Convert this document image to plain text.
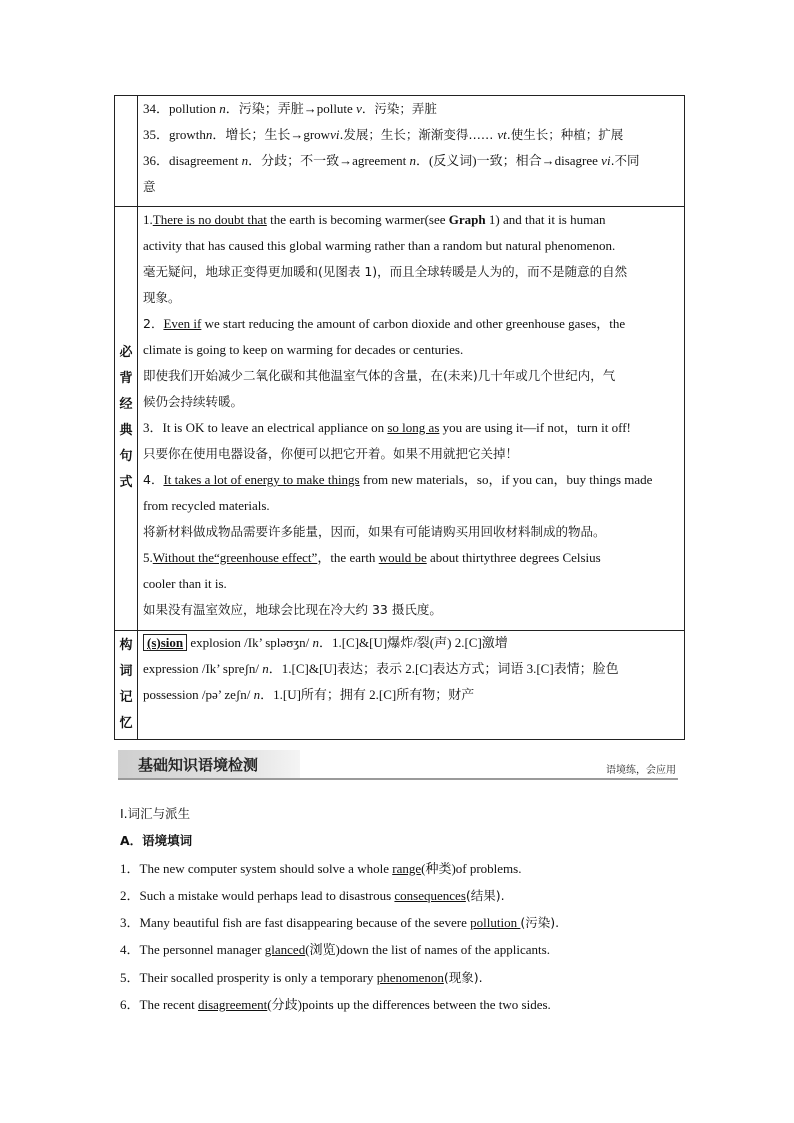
34．pollution n．污染；弄脏→pollute v．污染；弄脏
35．growthn．增长；生长→growvi.发展；生长；渐渐变得…… vt.使生长；种植；扩展
36．disagreement n．分歧；不一致→agreement n．(反义词)一致；相合→disagree vi.不同
意
必
背
经
典
句
式
1.There is no doubt that the earth is becoming warmer(see Graph 1) and that it is human
activity that has caused this global warming rather than a random but natural phenomenon.
毫无疑问，地球正变得更加暖和(见图表 1)，而且全球转暖是人为的，而不是随意的自然
现象。
2．Even if we start reducing the amount of carbon dioxide and other greenhouse gases，the
climate is going to keep on warming for decades or centuries.
即使我们开始减少二氧化碳和其他温室气体的含量，在(未来)几十年或几个世纪内，气
候仍会持续转暖。
3．It is OK to leave an electrical appliance on so long as you are using it—if not，turn it off!
只要你在使用电器设备，你便可以把它开着。如果不用就把它关掉！
4．It takes a lot of energy to make things from new materials，so，if you can，buy things made
from recycled materials.
将新材料做成物品需要许多能量，因而，如果有可能请购买用回收材料制成的物品。
5.Without the“greenhouse effect”，the earth would be about thirtythree degrees Celsius
cooler than it is.
如果没有温室效应，地球会比现在冷大约 33 摄氏度。
构
词
记
忆
(s)sion explosion /Ik’ spləʊʒn/ n．1.[C]&[U]爆炸/裂(声) 2.[C]激增
expression /Ik’ spreʃn/ n．1.[C]&[U]表达；表示 2.[C]表达方式；词语 3.[C]表情；脸色
possession /pə’ zeʃn/ n．1.[U]所有；拥有 2.[C]所有物；财产
基础知识语境检测	语境练，会应用
Ⅰ.词汇与派生
A．语境填词
1．The new computer system should solve a whole range(种类)of problems.
2．Such a mistake would perhaps lead to disastrous consequences(结果).
3．Many beautiful fish are fast disappearing because of the severe pollution (污染).
4．The personnel manager glanced(浏览)down the list of names of the applicants.
5．Their socalled prosperity is only a temporary phenomenon(现象).
6．The recent disagreement(分歧)points up the differences between the two sides.
